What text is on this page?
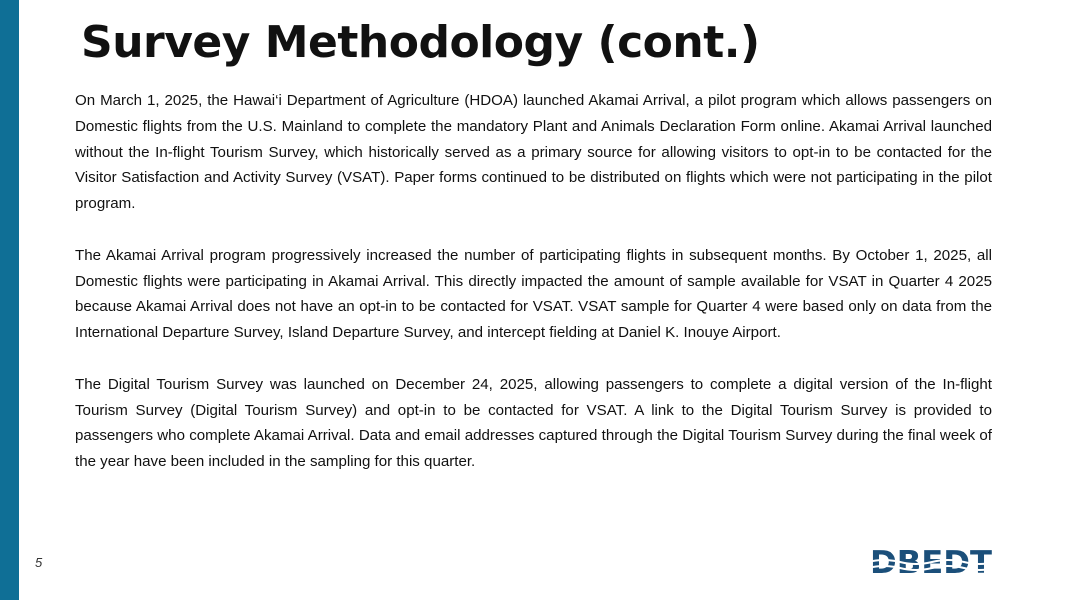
Survey Methodology (cont.)

On March 1, 2025, the Hawai‘i Department of Agriculture (HDOA) launched Akamai Arrival, a pilot program which allows passengers on Domestic flights from the U.S. Mainland to complete the mandatory Plant and Animals Declaration Form online. Akamai Arrival launched without the In-flight Tourism Survey, which historically served as a primary source for allowing visitors to opt-in to be contacted for the Visitor Satisfaction and Activity Survey (VSAT). Paper forms continued to be distributed on flights which were not participating in the pilot program.

The Akamai Arrival program progressively increased the number of participating flights in subsequent months. By October 1, 2025, all Domestic flights were participating in Akamai Arrival. This directly impacted the amount of sample available for VSAT in Quarter 4 2025 because Akamai Arrival does not have an opt-in to be contacted for VSAT. VSAT sample for Quarter 4 were based only on data from the International Departure Survey, Island Departure Survey, and intercept fielding at Daniel K. Inouye Airport.

The Digital Tourism Survey was launched on December 24, 2025, allowing passengers to complete a digital version of the In-flight Tourism Survey (Digital Tourism Survey) and opt-in to be contacted for VSAT. A link to the Digital Tourism Survey is provided to passengers who complete Akamai Arrival. Data and email addresses captured through the Digital Tourism Survey during the final week of the year have been included in the sampling for this quarter.

5	DBEDT
